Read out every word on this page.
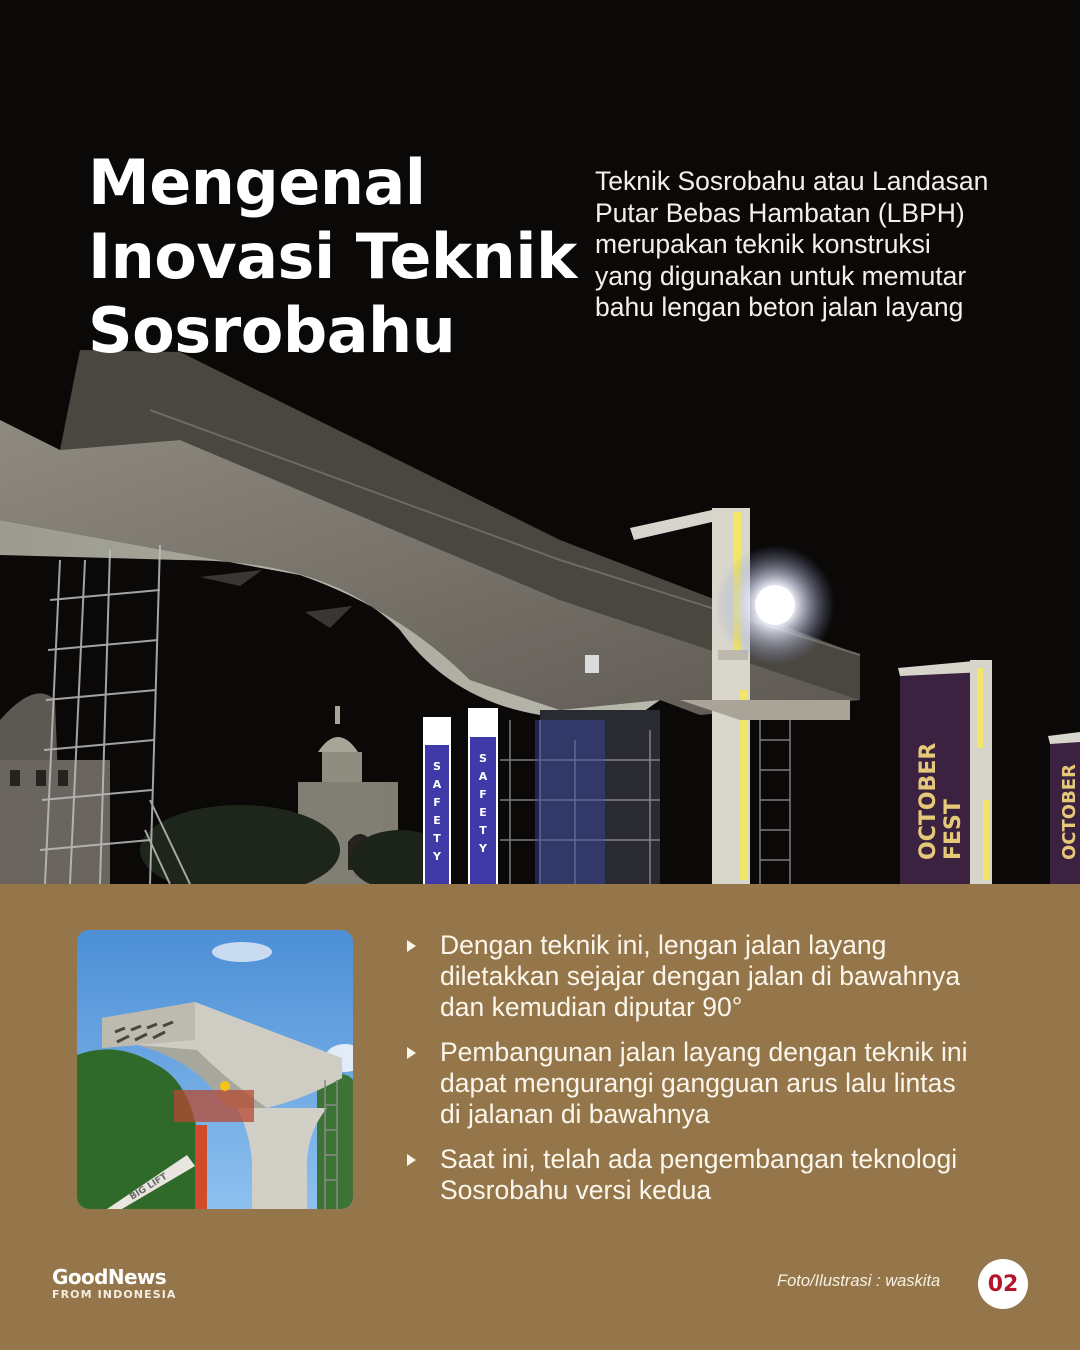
S
A
F
E
T
Y
S
A
F
E
T
Y	OCTOBER FEST	OCTOBER
Mengenal
Inovasi Teknik
Sosrobahu

Teknik Sosrobahu atau Landasan
Putar Bebas Hambatan (LBPH)
merupakan teknik konstruksi
yang digunakan untuk memutar
bahu lengan beton jalan layang

BIG LIFT
Dengan teknik ini, lengan jalan layang
diletakkan sejajar dengan jalan di bawahnya
dan kemudian diputar 90°
Pembangunan jalan layang dengan teknik ini
dapat mengurangi gangguan arus lalu lintas
di jalanan di bawahnya
Saat ini, telah ada pengembangan teknologi
Sosrobahu versi kedua
GoodNews
FROM INDONESIA
Foto/Ilustrasi : waskita	02
